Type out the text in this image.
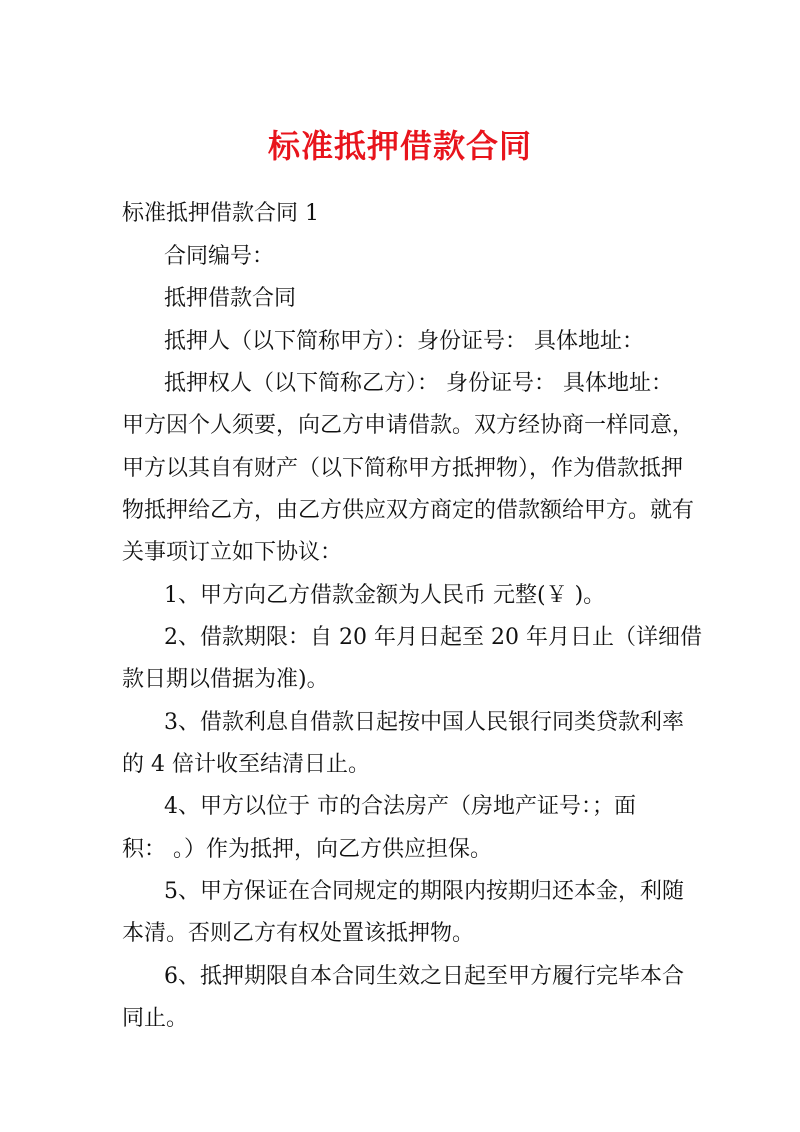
标准抵押借款合同
标准抵押借款合同 1
合同编号：
抵押借款合同
抵押人（以下简称甲方）：身份证号： 具体地址：
抵押权人（以下简称乙方）： 身份证号： 具体地址：
甲方因个人须要，向乙方申请借款。双方经协商一样同意，
甲方以其自有财产（以下简称甲方抵押物），作为借款抵押
物抵押给乙方，由乙方供应双方商定的借款额给甲方。就有
关事项订立如下协议：
1、甲方向乙方借款金额为人民币 元整(￥ )。
2、借款期限：自 20 年月日起至 20 年月日止（详细借
款日期以借据为准)。
3、借款利息自借款日起按中国人民银行同类贷款利率
的 4 倍计收至结清日止。
4、甲方以位于 市的合法房产（房地产证号：；面
积： 。）作为抵押，向乙方供应担保。
5、甲方保证在合同规定的期限内按期归还本金，利随
本清。否则乙方有权处置该抵押物。
6、抵押期限自本合同生效之日起至甲方履行完毕本合
同止。
